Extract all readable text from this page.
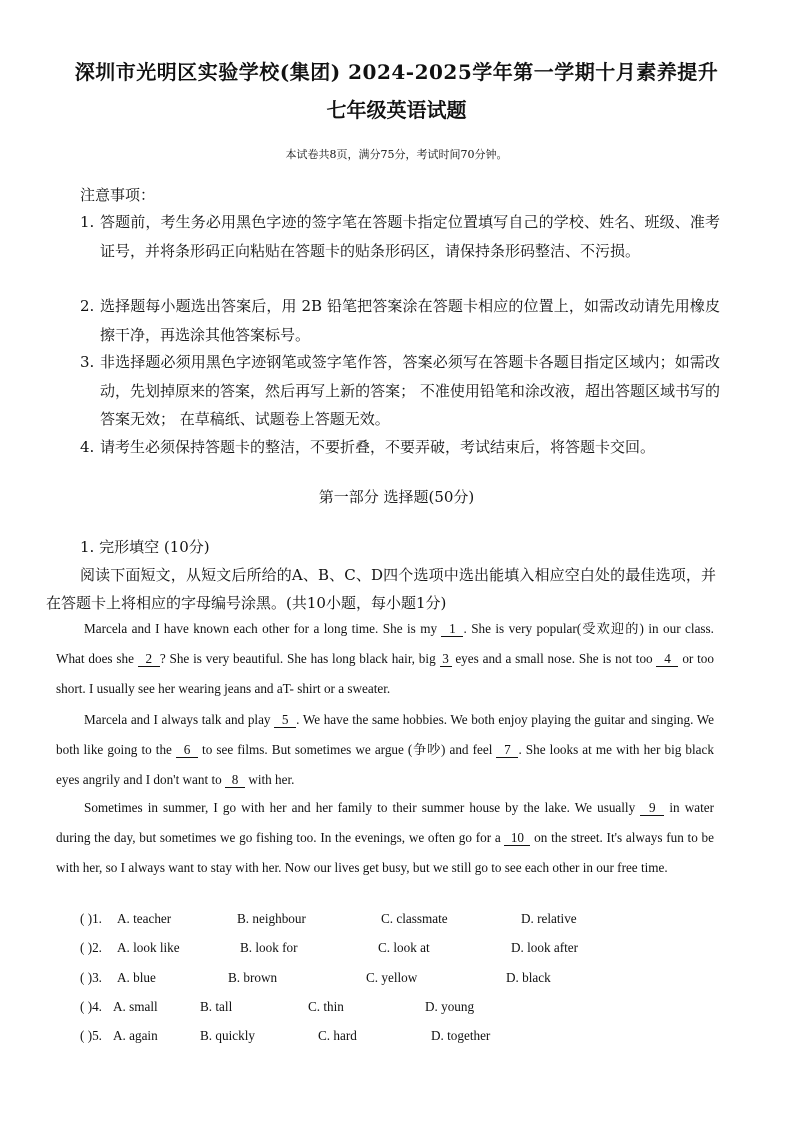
深圳市光明区实验学校(集团) 2024-2025学年第一学期十月素养提升
七年级英语试题
本试卷共8页，满分75分，考试时间70分钟。
注意事项：
1. 答题前，考生务必用黑色字迹的签字笔在答题卡指定位置填写自己的学校、姓名、班级、准考证号，并将条形码正向粘贴在答题卡的贴条形码区，请保持条形码整洁、不污损。
2. 选择题每小题选出答案后，用 2B 铅笔把答案涂在答题卡相应的位置上，如需改动请先用橡皮擦干净，再选涂其他答案标号。
3. 非选择题必须用黑色字迹钢笔或签字笔作答，答案必须写在答题卡各题目指定区域内；如需改动，先划掉原来的答案，然后再写上新的答案； 不准使用铅笔和涂改液，超出答题区域书写的答案无效； 在草稿纸、试题卷上答题无效。
4. 请考生必须保持答题卡的整洁，不要折叠，不要弄破，考试结束后，将答题卡交回。
第一部分 选择题(50分)
1. 完形填空 (10分)
阅读下面短文，从短文后所给的A、B、C、D四个选项中选出能填入相应空白处的最佳选项，并在答题卡上将相应的字母编号涂黑。(共10小题，每小题1分)
Marcela and I have known each other for a long time. She is my 1 . She is very popular(受欢迎的) in our class. What does she 2 ? She is very beautiful. She has long black hair, big 3 eyes and a small nose. She is not too 4 or too short. I usually see her wearing jeans and aT- shirt or a sweater.
Marcela and I always talk and play 5 . We have the same hobbies. We both enjoy playing the guitar and singing. We both like going to the 6 to see films. But sometimes we argue (争吵) and feel 7 . She looks at me with her big black eyes angrily and I don't want to 8 with her.
Sometimes in summer, I go with her and her family to their summer house by the lake. We usually 9 in water during the day, but sometimes we go fishing too. In the evenings, we often go for a 10 on the street. It's always fun to be with her, so I always want to stay with her. Now our lives get busy, but we still go to see each other in our free time.
( )1. A. teacher	B. neighbour	C. classmate	D. relative
( )2. A. look like	B. look for	C. look at	D. look after
( )3. A. blue	B. brown	C. yellow	D. black
( )4. A. small	B. tall	C. thin	D. young
( )5. A. again	B. quickly	C. hard	D. together
